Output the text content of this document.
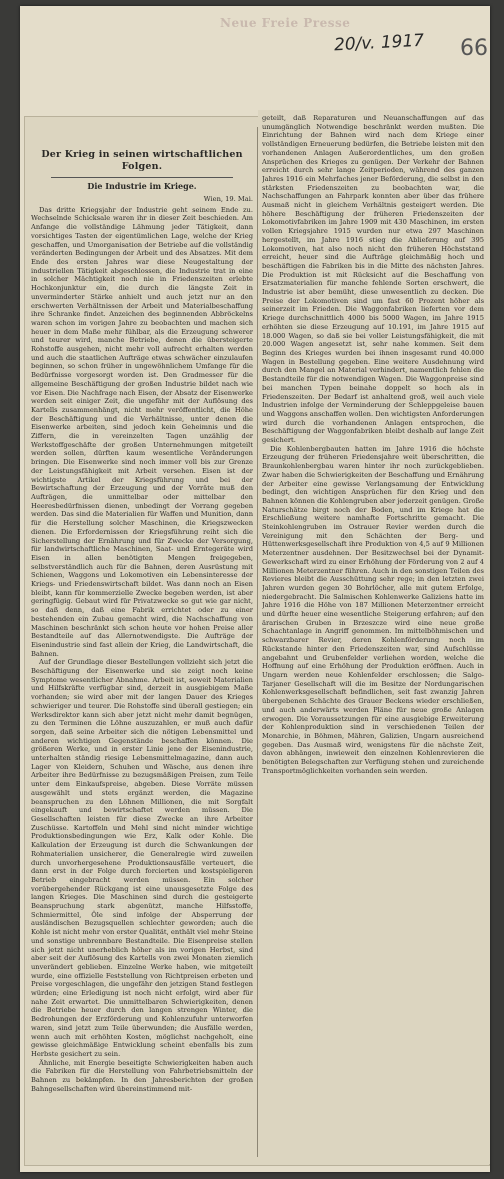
Neue Freie Presse
20/v. 1917 66
Der Krieg in seinen wirtschaftlichen Folgen.
Die Industrie im Kriege.
Wien, 19. Mai.

Das dritte Kriegsjahr der Industrie geht seinem Ende zu. Wechselnde Schicksale waren ihr in dieser Zeit beschieden. Am Anfange die vollständige Lähmung jeder Tätigkeit, dann vorsichtiges Tasten der eigentümlichen Lage, welche der Krieg geschaffen, und Umorganisation der Betriebe auf die vollständig veränderten Bedingungen der Arbeit und des Absatzes. Mit dem Ende des ersten Jahres war diese Neugestaltung der industriellen Tätigkeit abgeschlossen, die Industrie trat in eine in solcher Mächtigkeit noch nie in Friedenszeiten erlebte Hochkonjunktur ein, die durch die längste Zeit in unverminderter Stärke anhielt und auch jetzt nur an den erschwerten Verhältnissen der Arbeit und Materialbeschaffung ihre Schranke findet. Anzeichen des beginnenden Abbröckelns waren schon im vorigen Jahre zu beobachten und machen sich heuer in dem Maße mehr fühlbar, als die Erzeugung schwerer und teurer wird, manche Betriebe, denen die übersteigerte Rohstoffe ausgehen, nicht mehr voll aufrecht erhalten werden und auch die staatlichen Aufträge etwas schwächer einzulaufen beginnen, so schon früher in ungewöhnlichem Umfange für die Bedürfnisse vorgesorgt worden ist. Den Gradmesser für die allgemeine Beschäftigung der großen Industrie bildet nach wie vor Eisen. Die Nachfrage nach Eisen, der Absatz der Eisenwerke werden seit einiger Zeit, die ungefähr mit der Auflösung des Kartells zusammenhängt, nicht mehr veröffentlicht, die Höhe der Beschäftigung und die Verhältnisse, unter denen die Eisenwerke arbeiten, sind jedoch kein Geheimnis und die Ziffern, die in vereinzelten Tagen unzählig der Werkstoffgeschäfte der großen Unternehmungen mitgeteilt werden sollen, dürften kaum wesentliche Veränderungen bringen. Die Eisenwerke sind noch immer voll bis zur Grenze der Leistungsfähigkeit mit Arbeit versehen. Eisen ist der wichtigste Artikel der Kriegsführung und bei der Bewirtschaftung der Erzeugung und der Vorräte muß den Aufträgen, die unmittelbar oder mittelbar den Heeresbedürfnissen dienen, unbedingt der Vorrang gegeben werden. Das sind die Materialien für Waffen und Munition, dann für die Herstellung solcher Maschinen, die Kriegszwecken dienen. Die Erfordernissen der Kriegsführung reiht sich die Sicherstellung der Ernährung und für Zwecke der Versorgung, für landwirtschaftliche Maschinen, Saat- und Erntegeräte wird Eisen in allen benötigten Mengen freigegeben, selbstverständlich auch für die Bahnen, deren Ausrüstung mit Schienen, Waggons und Lokomotiven ein Lebensinteresse der Kriegs- und Friedenswirtschaft bildet. Was dann noch an Eisen bleibt, kann für kommerzielle Zwecke begeben werden, ist aber geringfügig. Gebaut wird für Privatzwecke so gut wie gar nicht, so daß denn, daß eine Fabrik errichtet oder zu einer bestehenden ein Zubau gemacht wird, die Nachschaffung von Maschinen beschränkt sich schon heute vor hohen Preise aller Bestandteile auf das Allernotwendigste. Die Aufträge der Eisenindustrie sind fast allein der Krieg, die Landwirtschaft, die Bahnen.

Auf der Grundlage dieser Bestellungen vollzieht sich jetzt die Beschäftigung der Eisenwerke und sie zeigt noch keine Symptome wesentlicher Abnahme. Arbeit ist, soweit Materialien und Hilfskräfte verfügbar sind, derzeit in ausgiebigem Maße vorhanden; sie wird aber mit der langen Dauer des Krieges schwieriger und teurer. Die Rohstoffe sind überall gestiegen; ein Werksdirektor kann sich aber jetzt nicht mehr damit begnügen, zu den Terminen die Löhne auszuzahlen, er muß auch dafür sorgen, daß seine Arbeiter sich die nötigen Lebensmittel und anderen wichtigen Gegenstände beschaffen können. Die größeren Werke, und in erster Linie jene der Eisenindustrie, unterhalten ständig riesige Lebensmittelmagazine, dann auch Lager von Kleidern, Schuhen und Wäsche, aus denen ihre Arbeiter ihre Bedürfnisse zu bezugsmäßigen Preisen, zum Teile unter dem Einkaufspreise, abgeben. Diese Vorräte müssen ausgewählt und stets ergänzt werden, die Magazine beanspruchen zu den Löhnen Millionen, die mit Sorgfalt eingekauft und bewirtschaftet werden müssen. Die Gesellschaften leisten für diese Zwecke an ihre Arbeiter Zuschüsse. Kartoffeln und Mehl sind nicht minder wichtige Produktionsbedingungen wie Erz, Kalk oder Kohle. Die Kalkulation der Erzeugung ist durch die Schwankungen der Rohmaterialien unsicherer, die Generalregie wird zuweilen durch unvorhergesehene Produktionsausfälle verteuert, die dann erst in der Folge durch forcierten und kostspieligeren Betrieb eingebracht werden müssen. Ein solcher vorübergehender Rückgang ist eine unausgesetzte Folge des langen Krieges. Die Maschinen sind durch die gesteigerte Beanspruchung stark abgenützt, manche Hilfsstoffe, Schmiermittel, Öle sind infolge der Absperrung der ausländischen Bezugsquellen schlechter geworden; auch die Kohle ist nicht mehr von erster Qualität, enthält viel mehr Steine und sonstige unbrennbare Bestandteile. Die Eisenpreise stellen sich jetzt nicht unerheblich höher als im vorigen Herbst, sind aber seit der Auflösung des Kartells von zwei Monaten ziemlich unverändert geblieben. Einzelne Werke haben, wie mitgeteilt wurde, eine offizielle Feststellung von Richtpreisen erbeten und Preise vorgeschlagen, die ungefähr den jetzigen Stand festlegen würden; eine Erledigung ist noch nicht erfolgt, wird aber für nahe Zeit erwartet. Die unmittelbaren Schwierigkeiten, denen die Betriebe heuer durch den langen strengen Winter, die Bedrohungen der Erzförderung und Kohlenzufuhr unterworfen waren, sind jetzt zum Teile überwunden; die Ausfälle werden, wenn auch mit erhöhten Kosten, möglichst nachgeholt, eine gewisse gleichmäßige Entwicklung scheint ebenfalls bis zum Herbste gesichert zu sein.

Ähnliche, mit Energie beseitigte Schwierigkeiten haben auch die Fabriken für die Herstellung von Fahrbetriebsmitteln der Bahnen zu bekämpfen. In den Jahresberichten der großen Bahngesellschaften wird übereinstimmend mit-

geteilt, daß Reparaturen und Neuanschaffungen auf das unumgänglich Notwendige beschränkt werden mußten. Die Einrichtung der Bahnen wird nach dem Kriege einer vollständigen Erneuerung bedürfen, die Betriebe leisten mit den vorhandenen Anlagen Außerordentliches, um den großen Ansprüchen des Krieges zu genügen. Der Verkehr der Bahnen erreicht durch sehr lange Zeitperioden, während des ganzen Jahres 1916 ein Mehrfaches jener Beförderung, die selbst in den stärksten Friedenszeiten zu beobachten war, die Nachschaffungen an Fahrpark konnten aber über das frühere Ausmaß nicht in gleichem Verhältnis gesteigert werden. Die höhere Beschäftigung der früheren Friedenszeiten der Lokomotivfabriken im Jahre 1909 mit 430 Maschinen, im ersten vollen Kriegsjahre 1915 wurden nur etwa 297 Maschinen hergestellt, im Jahre 1916 stieg die Ablieferung auf 395 Lokomotiven, hat also noch nicht den früheren Höchststand erreicht, heuer sind die Aufträge gleichmäßig hoch und beschäftigen die Fabriken bis in die Mitte des nächsten Jahres. Die Produktion ist mit Rücksicht auf die Beschaffung von Ersatzmaterialien für manche fehlende Sorten erschwert, die Industrie ist aber bemüht, diese unwesentlich zu decken. Die Preise der Lokomotiven sind um fast 60 Prozent höher als seinerzeit im Frieden. Die Waggonfabriken lieferten vor dem Kriege durchschnittlich 4000 bis 5000 Wagen, im Jahre 1915 erhöhten sie diese Erzeugung auf 10.191, im Jahre 1915 auf 18.000 Wagen, so daß sie bei voller Leistungsfähigkeit, die mit 20.000 Wagen angesetzt ist, sehr nahe kommen. Seit dem Beginn des Krieges wurden bei ihnen insgesamt rund 40.000 Wagen in Bestellung gegeben. Eine weitere Ausdehnung wird durch den Mangel an Material verhindert, namentlich fehlen die Bestandteile für die notwendigen Wagen. Die Waggonpreise sind bei manchen Typen beinahe doppelt so hoch als in Friedenszeiten. Der Bedarf ist anhaltend groß, weil auch viele Industrien infolge der Verminderung der Schleppgeleise bauen und Waggons anschaffen wollen. Den wichtigsten Anforderungen wird durch die vorhandenen Anlagen entsprochen, die Beschäftigung der Waggonfabriken bleibt deshalb auf lange Zeit gesichert.

Die Kohlenbergbauten hatten im Jahre 1916 die höchste Erzeugung der früheren Friedensjahre weit überschritten, die Braunkohlenbergbau waren hinter ihr noch zurückgeblieben. Zwar haben die Schwierigkeiten der Beschaffung und Ernährung der Arbeiter eine gewisse Verlangsamung der Entwicklung bedingt, den wichtigen Ansprüchen für den Krieg und den Bahnen können die Kohlengruben aber jederzeit genügen. Große Naturschätze birgt noch der Boden, und im Kriege hat die Erschließung weitere namhafte Fortschritte gemacht. Die Steinkohlengruben im Ostrauer Revier werden durch die Vereinigung mit den Schächten der Berg- und Hüttenwerksgesellschaft ihre Produktion von 4,5 auf 9 Millionen Meterzentner ausdehnen. Der Besitzwechsel bei der Dynamit-Gewerkschaft wird zu einer Erhöhung der Förderung von 2 auf 4 Millionen Meterzentner führen. Auch in den sonstigen Teilen des Revieres bleibt die Ausschüttung sehr rege; in den letzten zwei Jahren wurden gegen 30 Bohrlöcher, alle mit gutem Erfolge, niedergebracht. Die Salmischen Kohlenwerke Galiziens hatte im Jahre 1916 die Höhe von 187 Millionen Meterzentner erreicht und dürfte heuer eine wesentliche Steigerung erfahren; auf den ärarischen Gruben in Brzeszcze wird eine neue große Schachtanlage in Angriff genommen. Im mittelböhmischen und schwarzbarer Revier, deren Kohlenförderung noch im Rückstande hinter den Friedenszeiten war, sind Aufschlüsse angebahnt und Grubenfelder verliehen worden, welche die Hoffnung auf eine Erhöhung der Produktion eröffnen. Auch in Ungarn werden neue Kohlenfelder erschlossen; die Salgo-Tarjaner Gesellschaft will die im Besitze der Nordungarischen Kohlenwerksgesellschaft befindlichen, seit fast zwanzig Jahren übergebenen Schächte des Grauer Beckens wieder erschließen, und auch anderwärts werden Pläne für neue große Anlagen erwogen. Die Voraussetzungen für eine ausgiebige Erweiterung der Kohlenproduktion sind in verschiedenen Teilen der Monarchie, in Böhmen, Mähren, Galizien, Ungarn ausreichend gegeben. Das Ausmaß wird, wenigstens für die nächste Zeit, davon abhängen, inwieweit den einzelnen Kohlenrevieren die benötigten Belegschaften zur Verfügung stehen und zureichende Transportmöglichkeiten vorhanden sein werden.
